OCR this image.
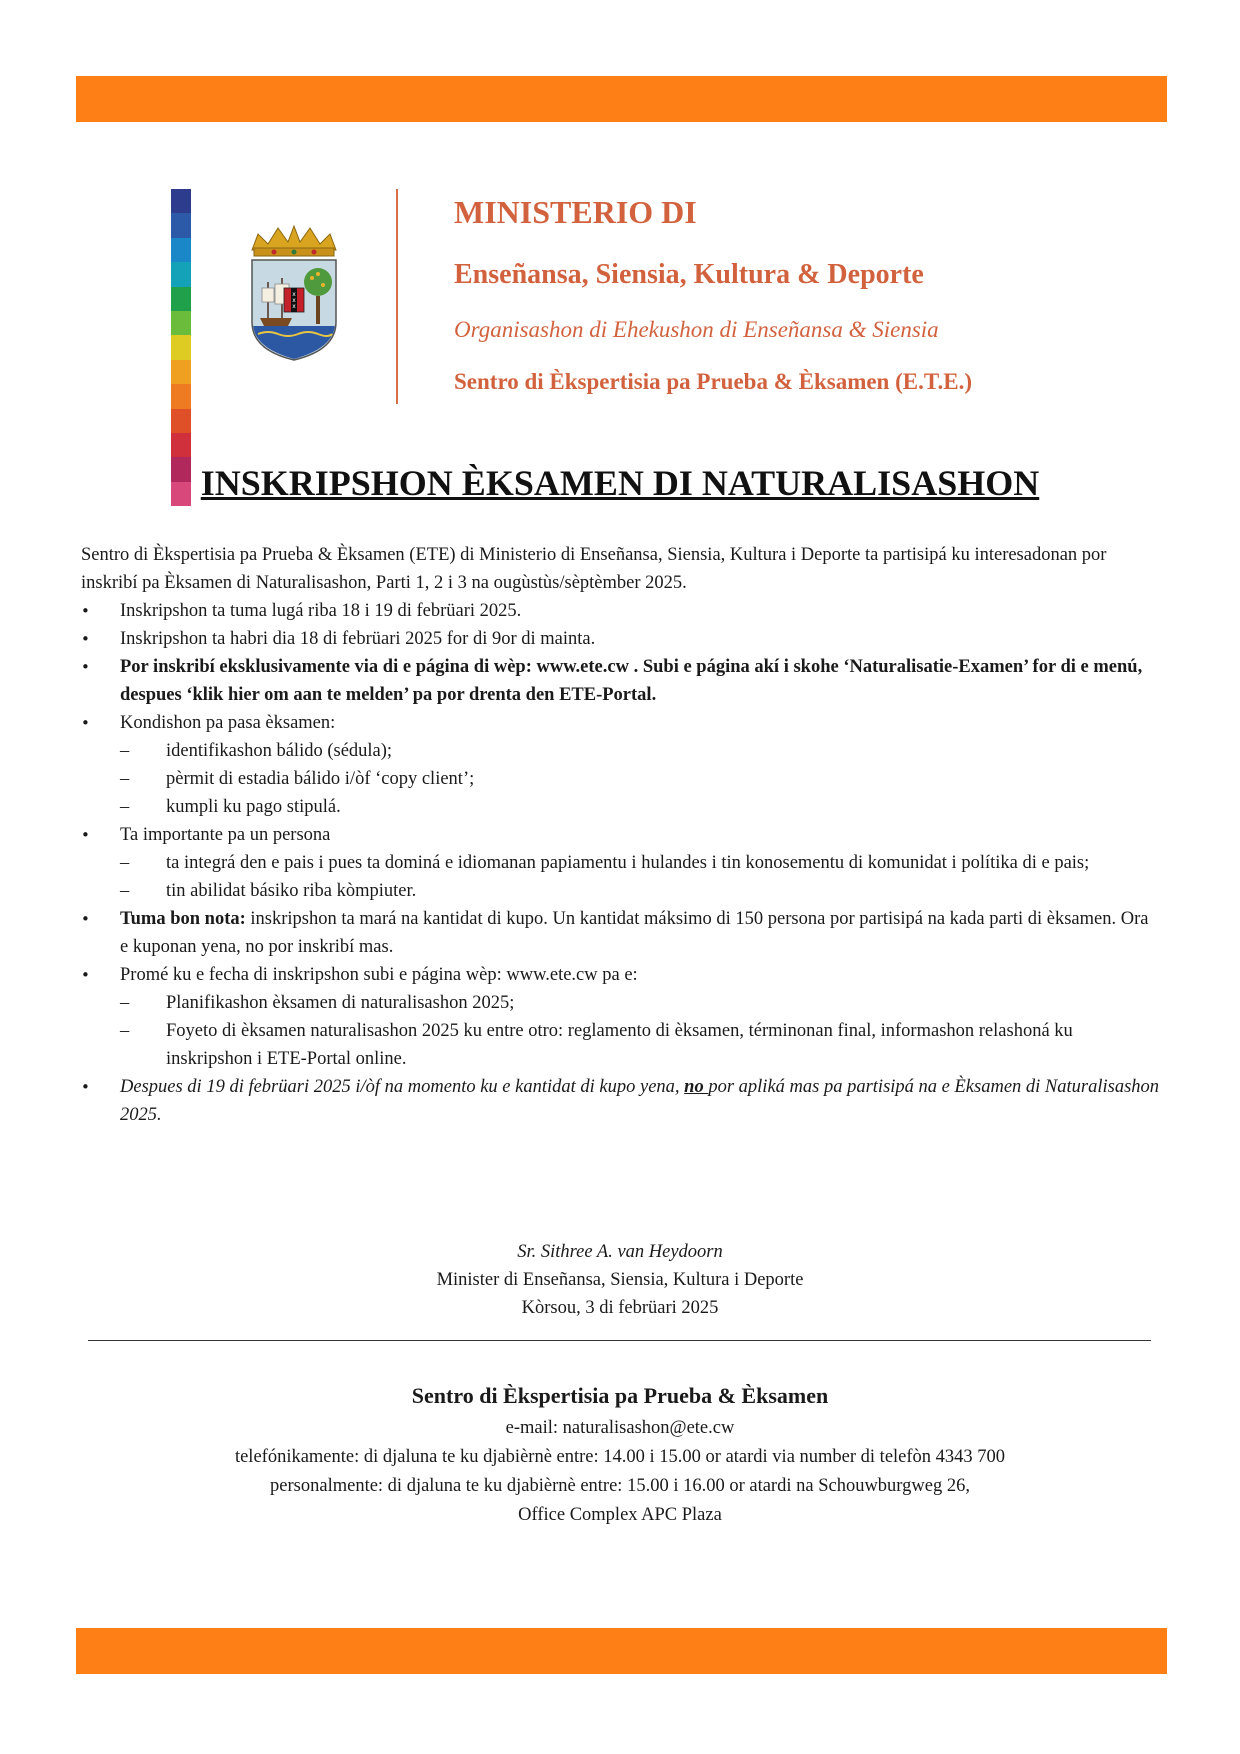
x
x
x
MINISTERIO DI
Enseñansa, Siensia, Kultura & Deporte
Organisashon di Ehekushon di Enseñansa & Siensia
Sentro di Èkspertisia pa Prueba & Èksamen (E.T.E.)
INSKRIPSHON ÈKSAMEN DI NATURALISASHON

Sentro di Èkspertisia pa Prueba & Èksamen (ETE) di Ministerio di Enseñansa, Siensia, Kultura i Deporte ta partisipá ku interesadonan por inskribí pa Èksamen di Naturalisashon, Parti 1, 2 i 3 na ougùstùs/sèptèmber 2025.

• Inskripshon ta tuma lugá riba 18 i 19 di febrüari 2025.
• Inskripshon ta habri dia 18 di febrüari 2025 for di 9or di mainta.
• Por inskribí eksklusivamente via di e página di wèp: www.ete.cw . Subi e página akí i skohe ‘Naturalisatie-Examen’ for di e menú, despues ‘klik hier om aan te melden’ pa por drenta den ETE-Portal.
• Kondishon pa pasa èksamen:
– identifikashon bálido (sédula);
– pèrmit di estadia bálido i/òf ‘copy client’;
– kumpli ku pago stipulá.
• Ta importante pa un persona
– ta integrá den e pais i pues ta dominá e idiomanan papiamentu i hulandes i tin konosementu di komunidat i polítika di e pais;
– tin abilidat básiko riba kòmpiuter.
• Tuma bon nota: inskripshon ta mará na kantidat di kupo. Un kantidat máksimo di 150 persona por partisipá na kada parti di èksamen. Ora e kuponan yena, no por inskribí mas.
• Promé ku e fecha di inskripshon subi e página wèp: www.ete.cw pa e:
– Planifikashon èksamen di naturalisashon 2025;
– Foyeto di èksamen naturalisashon 2025 ku entre otro: reglamento di èksamen, términonan final, informashon relashoná ku inskripshon i ETE-Portal online.
• Despues di 19 di febrüari 2025 i/òf na momento ku e kantidat di kupo yena, no por apliká mas pa partisipá na e Èksamen di Naturalisashon 2025.
Sr. Sithree A. van Heydoorn
Minister di Enseñansa, Siensia, Kultura i Deporte
Kòrsou, 3 di febrüari 2025
Sentro di Èkspertisia pa Prueba & Èksamen
e-mail: naturalisashon@ete.cw
telefónikamente: di djaluna te ku djabièrnè entre: 14.00 i 15.00 or atardi via number di telefòn 4343 700
personalmente: di djaluna te ku djabièrnè entre: 15.00 i 16.00 or atardi na Schouwburgweg 26,
Office Complex APC Plaza
